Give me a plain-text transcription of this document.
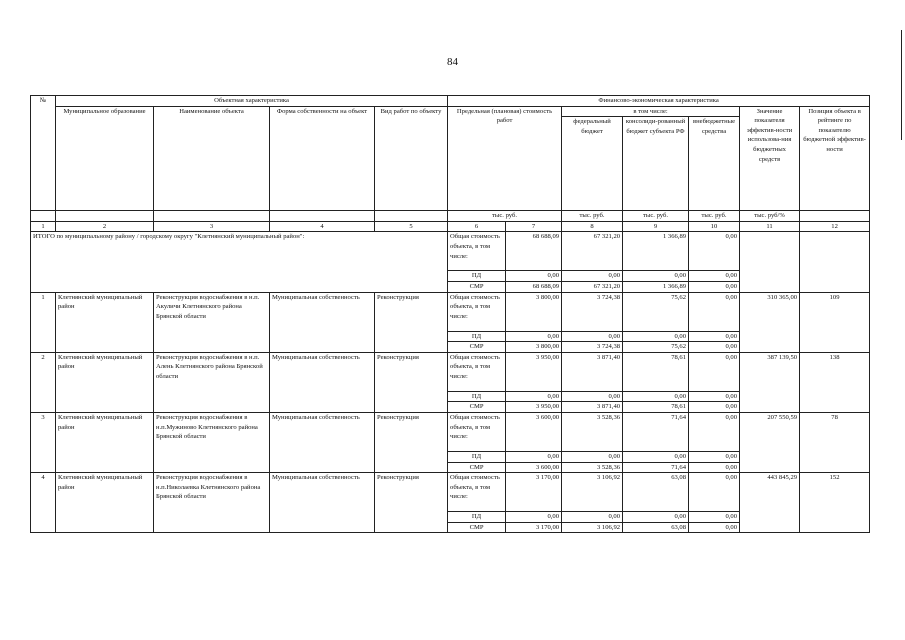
84
№	Объектная характеристика				Финансово-экономическая характеристика						
	Муниципальное образование	Наименование объекта	Форма собственности на объект	Вид работ по объекту	Предельная (плановая) стоимость работ		в том числе:			Значение показателя эффектив-ности использова-ния бюджетных средств	Позиция объекта в рейтинге по показателю бюджетной эффектив-ности
							федеральный бюджет	консолиди-рованный бюджет субъекта РФ	внебюджетные средства		
					тыс. руб.		тыс. руб.	тыс. руб.	тыс. руб.	тыс. руб/%	
1	2	3	4	5	6	7	8	9	10	11	12
ИТОГО по муниципальному району / городскому округу "Клетнянский муниципальный район":					Общая стоимость объекта, в том числе:	68 688,09	67 321,20	1 366,89	0,00		
					ПД	0,00	0,00	0,00	0,00		
					СМР	68 688,09	67 321,20	1 366,89	0,00		
1	Клетнянский муниципальный район	Реконструкция водоснабжения в н.п. Акуличи Клетнянского района Брянской области	Муниципальная собственность	Реконструкция	Общая стоимость объекта, в том числе:	3 800,00	3 724,38	75,62	0,00	310 365,00	109
					ПД	0,00	0,00	0,00	0,00		
					СМР	3 800,00	3 724,38	75,62	0,00		
2	Клетнянский муниципальный район	Реконструкция водоснабжения в н.п. Алень Клетнянского района Брянской области	Муниципальная собственность	Реконструкция	Общая стоимость объекта, в том числе:	3 950,00	3 871,40	78,61	0,00	387 139,50	138
					ПД	0,00	0,00	0,00	0,00		
					СМР	3 950,00	3 871,40	78,61	0,00		
3	Клетнянский муниципальный район	Реконструкция водоснабжения в н.п.Мужиново Клетнянского района Брянской области	Муниципальная собственность	Реконструкция	Общая стоимость объекта, в том числе:	3 600,00	3 528,36	71,64	0,00	207 550,59	78
					ПД	0,00	0,00	0,00	0,00		
					СМР	3 600,00	3 528,36	71,64	0,00		
4	Клетнянский муниципальный район	Реконструкция водоснабжения в н.п.Николаевка Клетнянского района Брянской области	Муниципальная собственность	Реконструкция	Общая стоимость объекта, в том числе:	3 170,00	3 106,92	63,08	0,00	443 845,29	152
					ПД	0,00	0,00	0,00	0,00		
					СМР	3 170,00	3 106,92	63,08	0,00		
